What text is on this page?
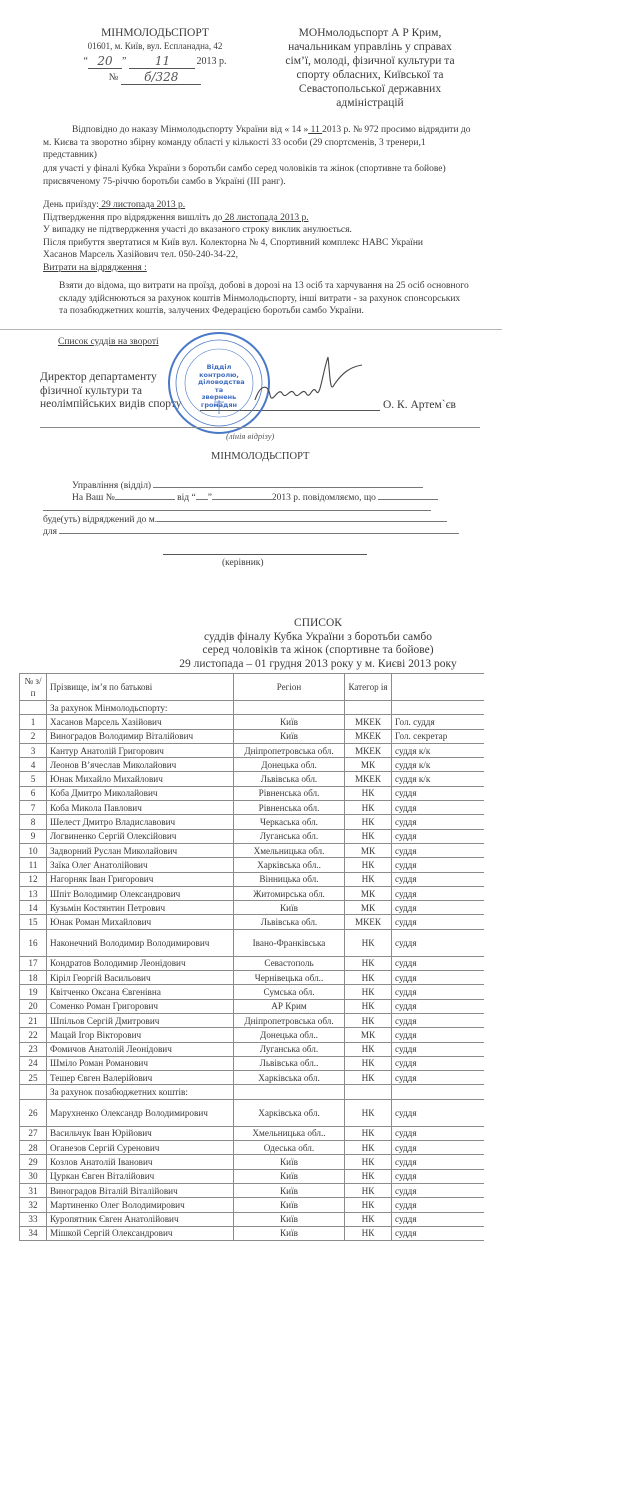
МІНМОЛОДЬСПОРТ
01601, м. Київ, вул. Еспланадна, 42
“ 20 ”	11	2013 р.
№	б/328
МОНмолодьспорт А Р Крим,
начальникам управлінь у справах
сім’ї, молоді, фізичної культури та
спорту обласних, Київської та
Севастопольської державних
адміністрацій
Відповідно до наказу Мінмолодьспорту України від « 14 » 11 2013 р. № 972 просимо відрядити до м. Києва та зворотно збірну команду області у кількості 33 особи (29 спортсменів, 3 тренери,1 представник)
для участі у фіналі Кубка України з боротьби самбо серед чоловіків та жінок (спортивне та бойове) присвяченому 75-річчю боротьби самбо в Україні (ІІІ ранг).
День приїзду: 29 листопада 2013 р.
Підтвердження про відрядження вишліть до 28 листопада 2013 р.
У випадку не підтвердження участі до вказаного строку виклик анулюється.
Після прибуття звертатися м Київ вул. Колекторна № 4, Спортивний комплекс НАВС України
Хасанов Марсель Хазійович тел. 050-240-34-22,
Витрати на відрядження :
Взяти до відома, що витрати на проїзд, добові в дорозі на 13 осіб та харчування на 25 осіб основного складу здійснюються за рахунок коштів Мінмолодьспорту, інші витрати - за рахунок спонсорських та позабюджетних коштів, залучених Федерацією боротьби самбо України.
Список суддів на звороті
Директор департаменту
фізичної культури та
неолімпійських видів спорту	О. К. Артем`єв
Відділ
контролю,
діловодства
та звернень
громадян
(лінія відрізу)
МІНМОЛОДЬСПОРТ
Управління (відділ)
На Ваш №	від “ ”	2013 р. повідомляємо, що
буде(уть) відряджений до м.
для
(керівник)
СПИСОК
суддів фіналу Кубка України з боротьби самбо
серед чоловіків та жінок (спортивне та бойове)
29 листопада – 01 грудня 2013 року у м. Києві 2013 року
№ з/п	Прізвище, ім’я по батькові	Регіон	Категор ія	
	За рахунок Мінмолодьспорту:			
1	Хасанов Марсель Хазійович	Київ	МКЕК	Гол. суддя
2	Виноградов Володимир Віталійович	Київ	МКЕК	Гол. секретар
3	Кантур Анатолій Григорович	Дніпропетровська обл.	МКЕК	суддя к/к
4	Леонов В’ячеслав Миколайович	Донецька обл.	МК	суддя к/к
5	Юнак Михайло Михайлович	Львівська обл.	МКЕК	суддя к/к
6	Коба Дмитро Миколайович	Рівненська обл.	НК	суддя
7	Коба Микола Павлович	Рівненська обл.	НК	суддя
8	Шелест Дмитро Владиславович	Черкаська обл.	НК	суддя
9	Логвиненко Сергій Олексійович	Луганська обл.	НК	суддя
10	Задворний Руслан Миколайович	Хмельницька обл.	МК	суддя
11	Заїка Олег Анатолійович	Харківська обл..	НК	суддя
12	Нагорняк Іван Григорович	Вінницька обл.	НК	суддя
13	Шпіт Володимир Олександрович	Житомирська обл.	МК	суддя
14	Кузьмін Костянтин Петрович	Київ	МК	суддя
15	Юнак Роман Михайлович	Львівська обл.	МКЕК	суддя
16	Наконечний Володимир Володимирович	Івано-Франківська	НК	суддя
17	Кондратов Володимир Леонідович	Севастополь	НК	суддя
18	Кіріл Георгій Васильович	Чернівецька обл..	НК	суддя
19	Квітченко Оксана Євгенівна	Сумська обл.	НК	суддя
20	Соменко Роман Григорович	АР Крим	НК	суддя
21	Шпільов Сергій Дмитрович	Дніпропетровська обл.	НК	суддя
22	Мацай Ігор Вікторович	Донецька обл..	МК	суддя
23	Фомичов Анатолій Леонідович	Луганська обл.	НК	суддя
24	Шміло Роман Романович	Львівська обл..	НК	суддя
25	Тешер Євген Валерійович	Харківська обл.	НК	суддя
	За рахунок позабюджетних коштів:			
26	Марухненко Олександр Володимирович	Харківська обл.	НК	суддя
27	Васильчук Іван Юрійович	Хмельницька обл..	НК	суддя
28	Оганезов Сергій Суренович	Одеська обл.	НК	суддя
29	Козлов Анатолій Іванович	Київ	НК	суддя
30	Цуркан Євген Віталійович	Київ	НК	суддя
31	Виноградов Віталій Віталійович	Київ	НК	суддя
32	Мартиненко Олег Володимирович	Київ	НК	суддя
33	Куропятник Євген Анатолійович	Київ	НК	суддя
34	Мішкой Сергій Олександрович	Київ	НК	суддя
